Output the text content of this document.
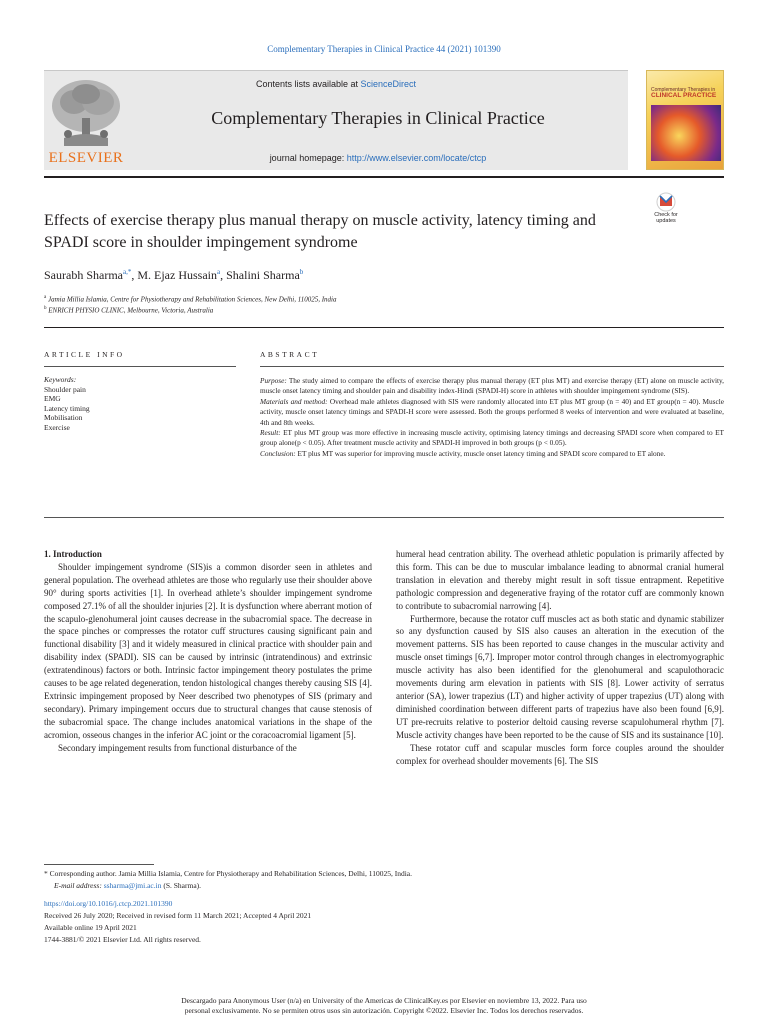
Complementary Therapies in Clinical Practice 44 (2021) 101390
ELSEVIER
Contents lists available at ScienceDirect
Complementary Therapies in Clinical Practice
journal homepage: http://www.elsevier.com/locate/ctcp
Complementary Therapies in
CLINICAL PRACTICE
Effects of exercise therapy plus manual therapy on muscle activity, latency timing and SPADI score in shoulder impingement syndrome
Check for updates
Saurabh Sharma$^{a,*}$, M. Ejaz Hussain$^a$, Shalini Sharma$^b$
$^a$ Jamia Millia Islamia, Centre for Physiotherapy and Rehabilitation Sciences, New Delhi, 110025, India
$^b$ ENRICH PHYSIO CLINIC, Melbourne, Victoria, Australia
ARTICLE INFO	ABSTRACT
Keywords:
Shoulder pain
EMG
Latency timing
Mobilisation
Exercise

Purpose: The study aimed to compare the effects of exercise therapy plus manual therapy (ET plus MT) and exercise therapy (ET) alone on muscle activity, muscle onset latency timing and shoulder pain and disability index-Hindi (SPADI-H) score in athletes with shoulder impingement syndrome (SIS).

Materials and method: Overhead male athletes diagnosed with SIS were randomly allocated into ET plus MT group (n = 40) and ET group(n = 40). Muscle activity, muscle onset latency timings and SPADI-H score were assessed. Both the groups performed 8 weeks of intervention and were evaluated at baseline, 4th and 8th weeks.

Result: ET plus MT group was more effective in increasing muscle activity, optimising latency timings and decreasing SPADI score when compared to ET group alone(p < 0.05). After treatment muscle activity and SPADI-H improved in both groups (p < 0.05).

Conclusion: ET plus MT was superior for improving muscle activity, muscle onset latency timing and SPADI score compared to ET alone.

1. Introduction

Shoulder impingement syndrome (SIS)is a common disorder seen in athletes and general population. The overhead athletes are those who regularly use their shoulder above 90° during sports activities [1]. In overhead athlete’s shoulder impingement syndrome composed 27.1% of all the shoulder injuries [2]. It is dysfunction where aberrant motion of the scapulo-glenohumeral joint causes decrease in the subacromial space. The decrease in the space pinches or compresses the rotator cuff structures causing significant pain and functional disability [3] and it widely measured in clinical practice with shoulder pain and disability index (SPADI). SIS can be caused by intrinsic (intratendinous) and extrinsic (extratendinous) factors or both. Intrinsic factor impingement theory postulates the prime causes to be age related degeneration, tendon histological changes thereby causing SIS [4]. Extrinsic impingement proposed by Neer described two phenotypes of SIS (primary and secondary). Primary impingement occurs due to structural changes that cause stenosis of the subacromial space. The change includes anatomical variations in the shape of the acromion, osseous changes in the inferior AC joint or the coracoacromial ligament [5].

Secondary impingement results from functional disturbance of the

humeral head centration ability. The overhead athletic population is primarily affected by this form. This can be due to muscular imbalance leading to abnormal cranial humeral translation in elevation and thereby might result in soft tissue entrapment. Repetitive pathologic compression and degenerative fraying of the rotator cuff are commonly known to contribute to subacromial narrowing [4].

Furthermore, because the rotator cuff muscles act as both static and dynamic stabilizer so any dysfunction caused by SIS also causes an alteration in the execution of the movement patterns. SIS has been reported to cause changes in the muscular activity and muscle onset timings [6,7]. Improper motor control through changes in electromyographic muscle activity has also been identified for the glenohumeral and scapulothoracic movements during arm elevation in patients with SIS [8]. Lower activity of serratus anterior (SA), lower trapezius (LT) and higher activity of upper trapezius (UT) along with diminished coordination between different parts of trapezius have also been found [6,9]. UT pre-recruits relative to posterior deltoid causing reverse scapulohumeral rhythm [7]. Muscle activity changes have been reported to be the cause of SIS and its sustainance [10].

These rotator cuff and scapular muscles form force couples around the shoulder complex for overhead shoulder movements [6]. The SIS

* Corresponding author. Jamia Millia Islamia, Centre for Physiotherapy and Rehabilitation Sciences, Delhi, 110025, India.
E-mail address: ssharma@jmi.ac.in (S. Sharma).
https://doi.org/10.1016/j.ctcp.2021.101390
Received 26 July 2020; Received in revised form 11 March 2021; Accepted 4 April 2021
Available online 19 April 2021
1744-3881/© 2021 Elsevier Ltd. All rights reserved.
Descargado para Anonymous User (n/a) en University of the Americas de ClinicalKey.es por Elsevier en noviembre 13, 2022. Para uso
personal exclusivamente. No se permiten otros usos sin autorización. Copyright ©2022. Elsevier Inc. Todos los derechos reservados.
